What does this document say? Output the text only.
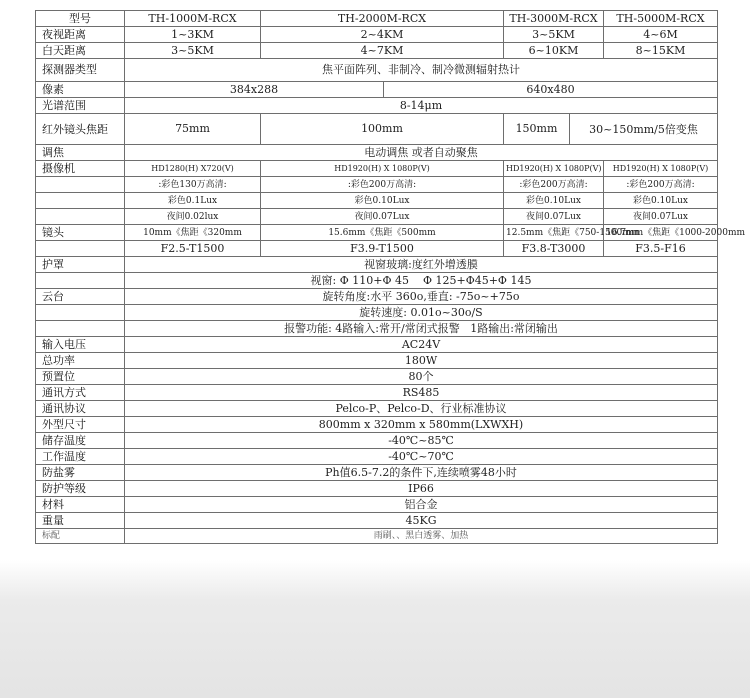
型号	TH-1000M-RCX	TH-2000M-RCX		TH-3000M-RCX		TH-5000M-RCX
夜视距离	1~3KM	2~4KM		3~5KM		4~6M
白天距离	3~5KM	4~7KM		6~10KM		8~15KM
探测器类型	焦平面阵列、非制冷、制冷微测辐射热计					
像素	384x288		640x480			
光谱范围	8-14μm					
红外镜头焦距	75mm	100mm		150mm	30~150mm/5倍变焦	
调焦	电动调焦 或者自动聚焦					
摄像机	HD1280(H) X720(V)	HD1920(H) X 1080P(V)		HD1920(H) X 1080P(V)		HD1920(H) X 1080P(V)
	:彩色130万高清:	:彩色200万高清:		:彩色200万高清:		:彩色200万高清:
	彩色0.1Lux	彩色0.10Lux		彩色0.10Lux		彩色0.10Lux
	夜间0.02lux	夜间0.07Lux		夜间0.07Lux		夜间0.07Lux
镜头	10mm《焦距《320mm	15.6mm《焦距《500mm		12.5mm《焦距《750-1500mm		16.7mm《焦距《1000-2000mm
	F2.5-T1500	F3.9-T1500		F3.8-T3000		F3.5-F16
护罩	视窗玻璃:度红外增透膜					
	视窗: Φ 110+Φ 45    Φ 125+Φ45+Φ 145					
云台	旋转角度:水平 360o,垂直: -75o~+75o					
	旋转速度: 0.01o~30o/S					
	报警功能: 4路输入:常开/常闭式报警   1路输出:常闭输出					
输入电压	AC24V					
总功率	180W					
预置位	80个					
通讯方式	RS485					
通讯协议	Pelco-P、Pelco-D、行业标准协议					
外型尺寸	800mm x 320mm x 580mm(LXWXH)					
储存温度	-40℃~85℃					
工作温度	-40℃~70℃					
防盐雾	Ph值6.5-7.2的条件下,连续喷雾48小时					
防护等级	IP66					
材料	铝合金					
重量	45KG					
标配	雨刷、、黑白透雾、加热					
